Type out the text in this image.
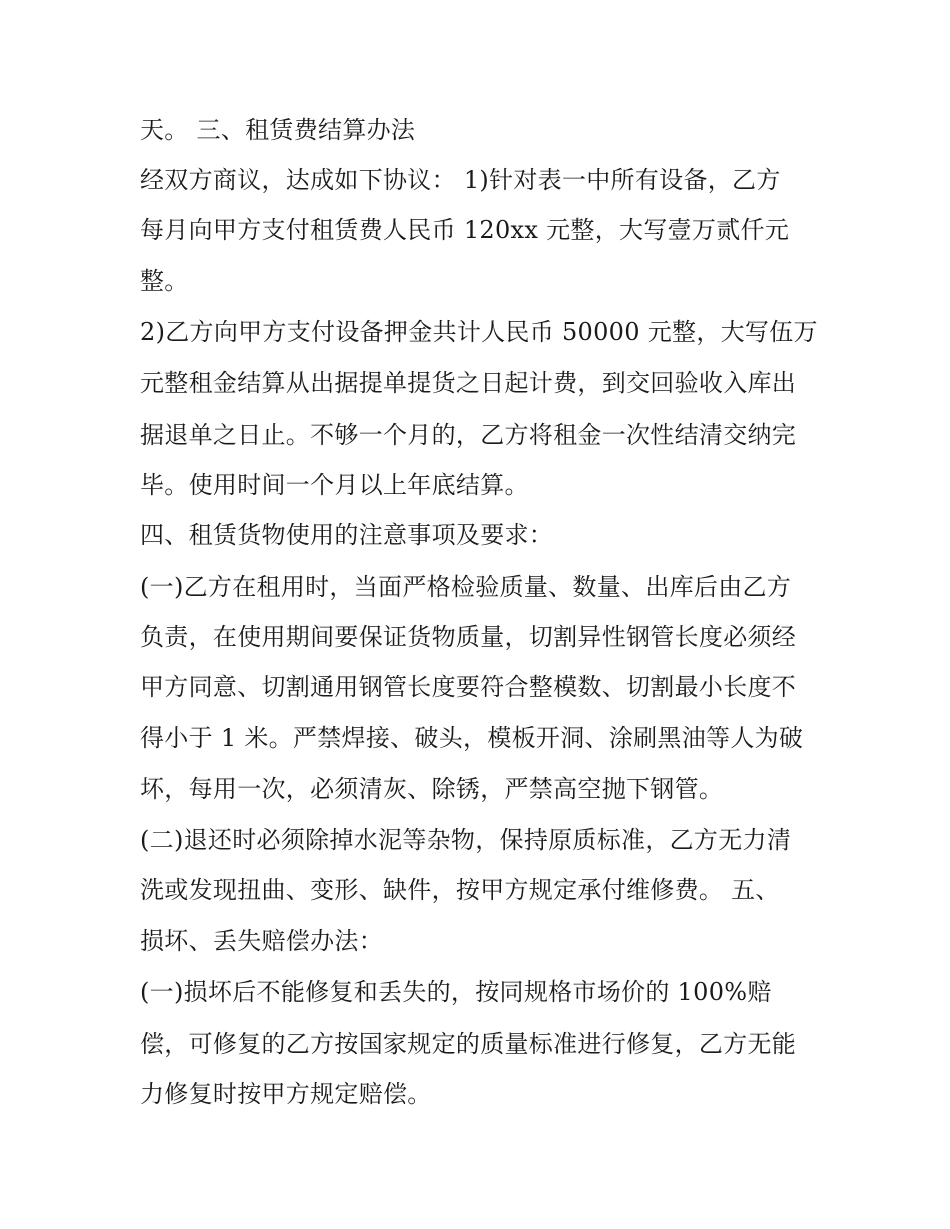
天。 三、租赁费结算办法
经双方商议，达成如下协议： 1)针对表一中所有设备，乙方
每月向甲方支付租赁费人民币 120xx 元整，大写壹万贰仟元
整。
2)乙方向甲方支付设备押金共计人民币 50000 元整，大写伍万
元整租金结算从出据提单提货之日起计费，到交回验收入库出
据退单之日止。不够一个月的，乙方将租金一次性结清交纳完
毕。使用时间一个月以上年底结算。
四、租赁货物使用的注意事项及要求：
(一)乙方在租用时，当面严格检验质量、数量、出库后由乙方
负责，在使用期间要保证货物质量，切割异性钢管长度必须经
甲方同意、切割通用钢管长度要符合整模数、切割最小长度不
得小于 1 米。严禁焊接、破头，模板开洞、涂刷黑油等人为破
坏，每用一次，必须清灰、除锈，严禁高空抛下钢管。
(二)退还时必须除掉水泥等杂物，保持原质标准，乙方无力清
洗或发现扭曲、变形、缺件，按甲方规定承付维修费。 五、
损坏、丢失赔偿办法：
(一)损坏后不能修复和丢失的，按同规格市场价的 100%赔
偿，可修复的乙方按国家规定的质量标准进行修复，乙方无能
力修复时按甲方规定赔偿。
